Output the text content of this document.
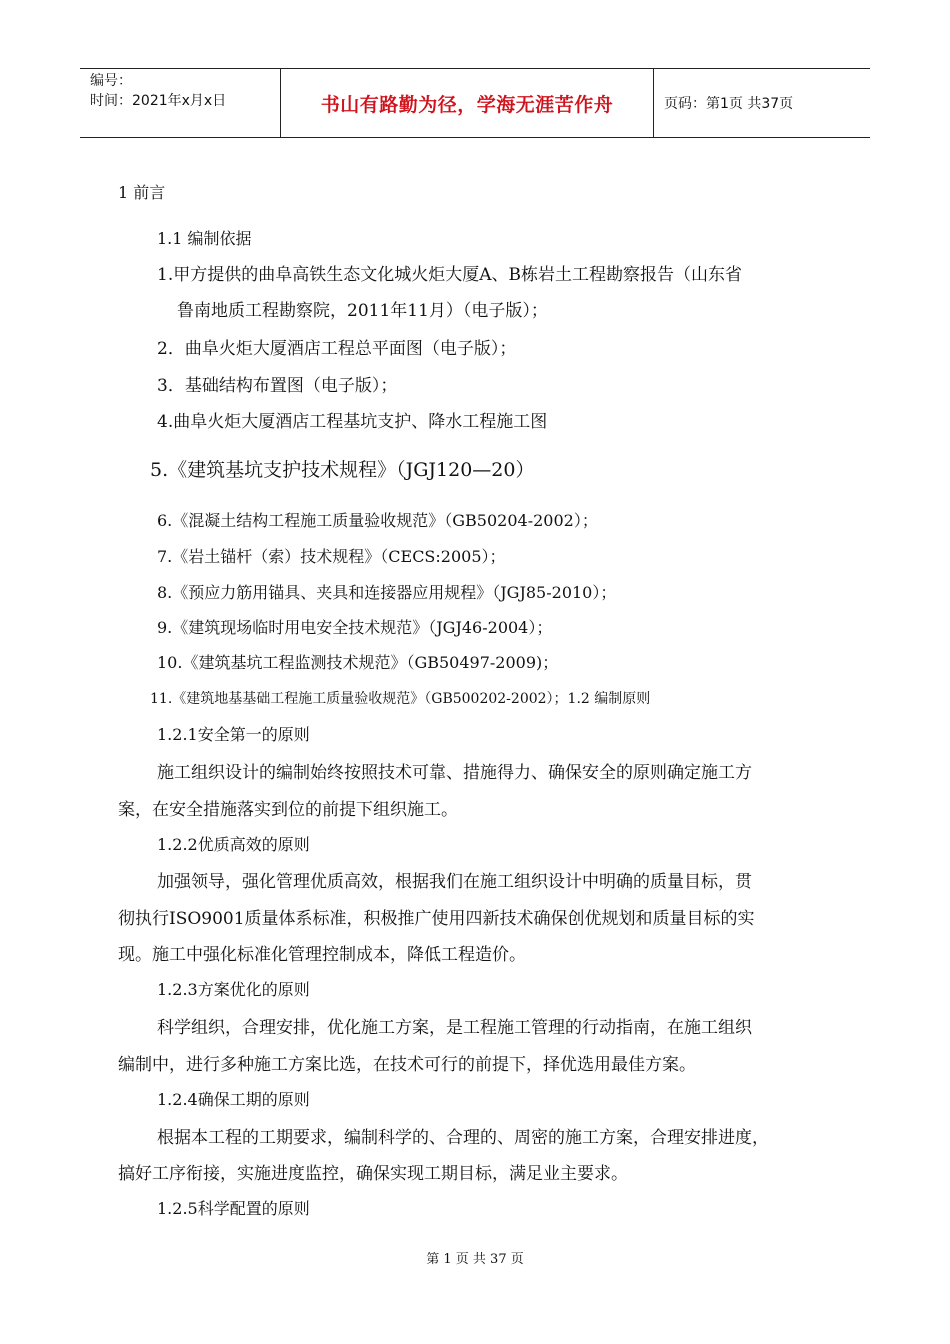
编号：
时间：2021年x月x日	书山有路勤为径，学海无涯苦作舟	页码：第1页 共37页
1 前言
1.1 编制依据
1.甲方提供的曲阜高铁生态文化城火炬大厦A、B栋岩土工程勘察报告（山东省
鲁南地质工程勘察院，2011年11月）（电子版）；
2．曲阜火炬大厦酒店工程总平面图（电子版）；
3．基础结构布置图（电子版）；
4.曲阜火炬大厦酒店工程基坑支护、降水工程施工图
5.《建筑基坑支护技术规程》（JGJ120—20）
6.《混凝土结构工程施工质量验收规范》（GB50204-2002）；
7.《岩土锚杆（索）技术规程》（CECS:2005）；
8.《预应力筋用锚具、夹具和连接器应用规程》（JGJ85-2010）；
9.《建筑现场临时用电安全技术规范》（JGJ46-2004）；
10.《建筑基坑工程监测技术规范》（GB50497-2009)；
11.《建筑地基基础工程施工质量验收规范》（GB500202-2002）；1.2 编制原则
1.2.1安全第一的原则
施工组织设计的编制始终按照技术可靠、措施得力、确保安全的原则确定施工方
案，在安全措施落实到位的前提下组织施工。
1.2.2优质高效的原则
加强领导，强化管理优质高效，根据我们在施工组织设计中明确的质量目标，贯
彻执行ISO9001质量体系标准，积极推广使用四新技术确保创优规划和质量目标的实
现。施工中强化标准化管理控制成本，降低工程造价。
1.2.3方案优化的原则
科学组织，合理安排，优化施工方案，是工程施工管理的行动指南，在施工组织
编制中，进行多种施工方案比选，在技术可行的前提下，择优选用最佳方案。
1.2.4确保工期的原则
根据本工程的工期要求，编制科学的、合理的、周密的施工方案，合理安排进度，
搞好工序衔接，实施进度监控，确保实现工期目标，满足业主要求。
1.2.5科学配置的原则
第 1 页 共 37 页
